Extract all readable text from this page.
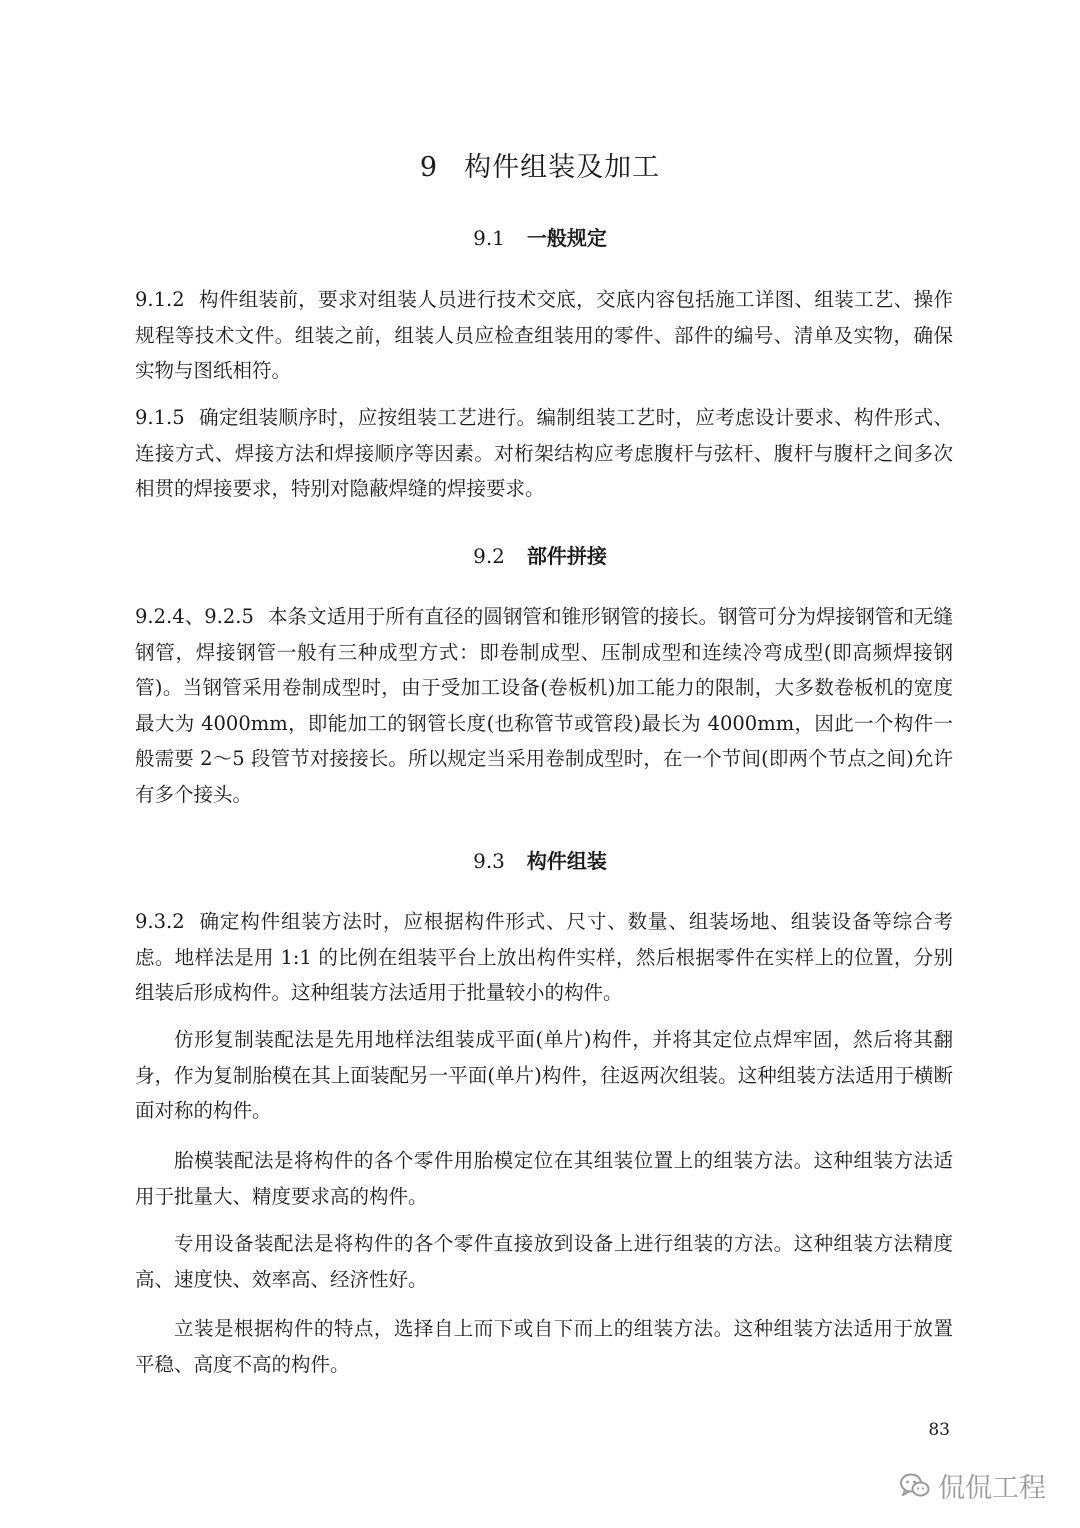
9 构件组装及加工
9.1 一般规定

9.1.2 构件组装前，要求对组装人员进行技术交底，交底内容包括施工详图、组装工艺、操作规程等技术文件。组装之前，组装人员应检查组装用的零件、部件的编号、清单及实物，确保实物与图纸相符。

9.1.5 确定组装顺序时，应按组装工艺进行。编制组装工艺时，应考虑设计要求、构件形式、连接方式、焊接方法和焊接顺序等因素。对桁架结构应考虑腹杆与弦杆、腹杆与腹杆之间多次相贯的焊接要求，特别对隐蔽焊缝的焊接要求。

9.2 部件拼接

9.2.4、9.2.5 本条文适用于所有直径的圆钢管和锥形钢管的接长。钢管可分为焊接钢管和无缝钢管，焊接钢管一般有三种成型方式：即卷制成型、压制成型和连续冷弯成型(即高频焊接钢管)。当钢管采用卷制成型时，由于受加工设备(卷板机)加工能力的限制，大多数卷板机的宽度最大为 4000mm，即能加工的钢管长度(也称管节或管段)最长为 4000mm，因此一个构件一般需要 2～5 段管节对接接长。所以规定当采用卷制成型时，在一个节间(即两个节点之间)允许有多个接头。

9.3 构件组装

9.3.2 确定构件组装方法时，应根据构件形式、尺寸、数量、组装场地、组装设备等综合考虑。地样法是用 1:1 的比例在组装平台上放出构件实样，然后根据零件在实样上的位置，分别组装后形成构件。这种组装方法适用于批量较小的构件。

仿形复制装配法是先用地样法组装成平面(单片)构件，并将其定位点焊牢固，然后将其翻身，作为复制胎模在其上面装配另一平面(单片)构件，往返两次组装。这种组装方法适用于横断面对称的构件。

胎模装配法是将构件的各个零件用胎模定位在其组装位置上的组装方法。这种组装方法适用于批量大、精度要求高的构件。

专用设备装配法是将构件的各个零件直接放到设备上进行组装的方法。这种组装方法精度高、速度快、效率高、经济性好。

立装是根据构件的特点，选择自上而下或自下而上的组装方法。这种组装方法适用于放置平稳、高度不高的构件。

83
侃侃工程
